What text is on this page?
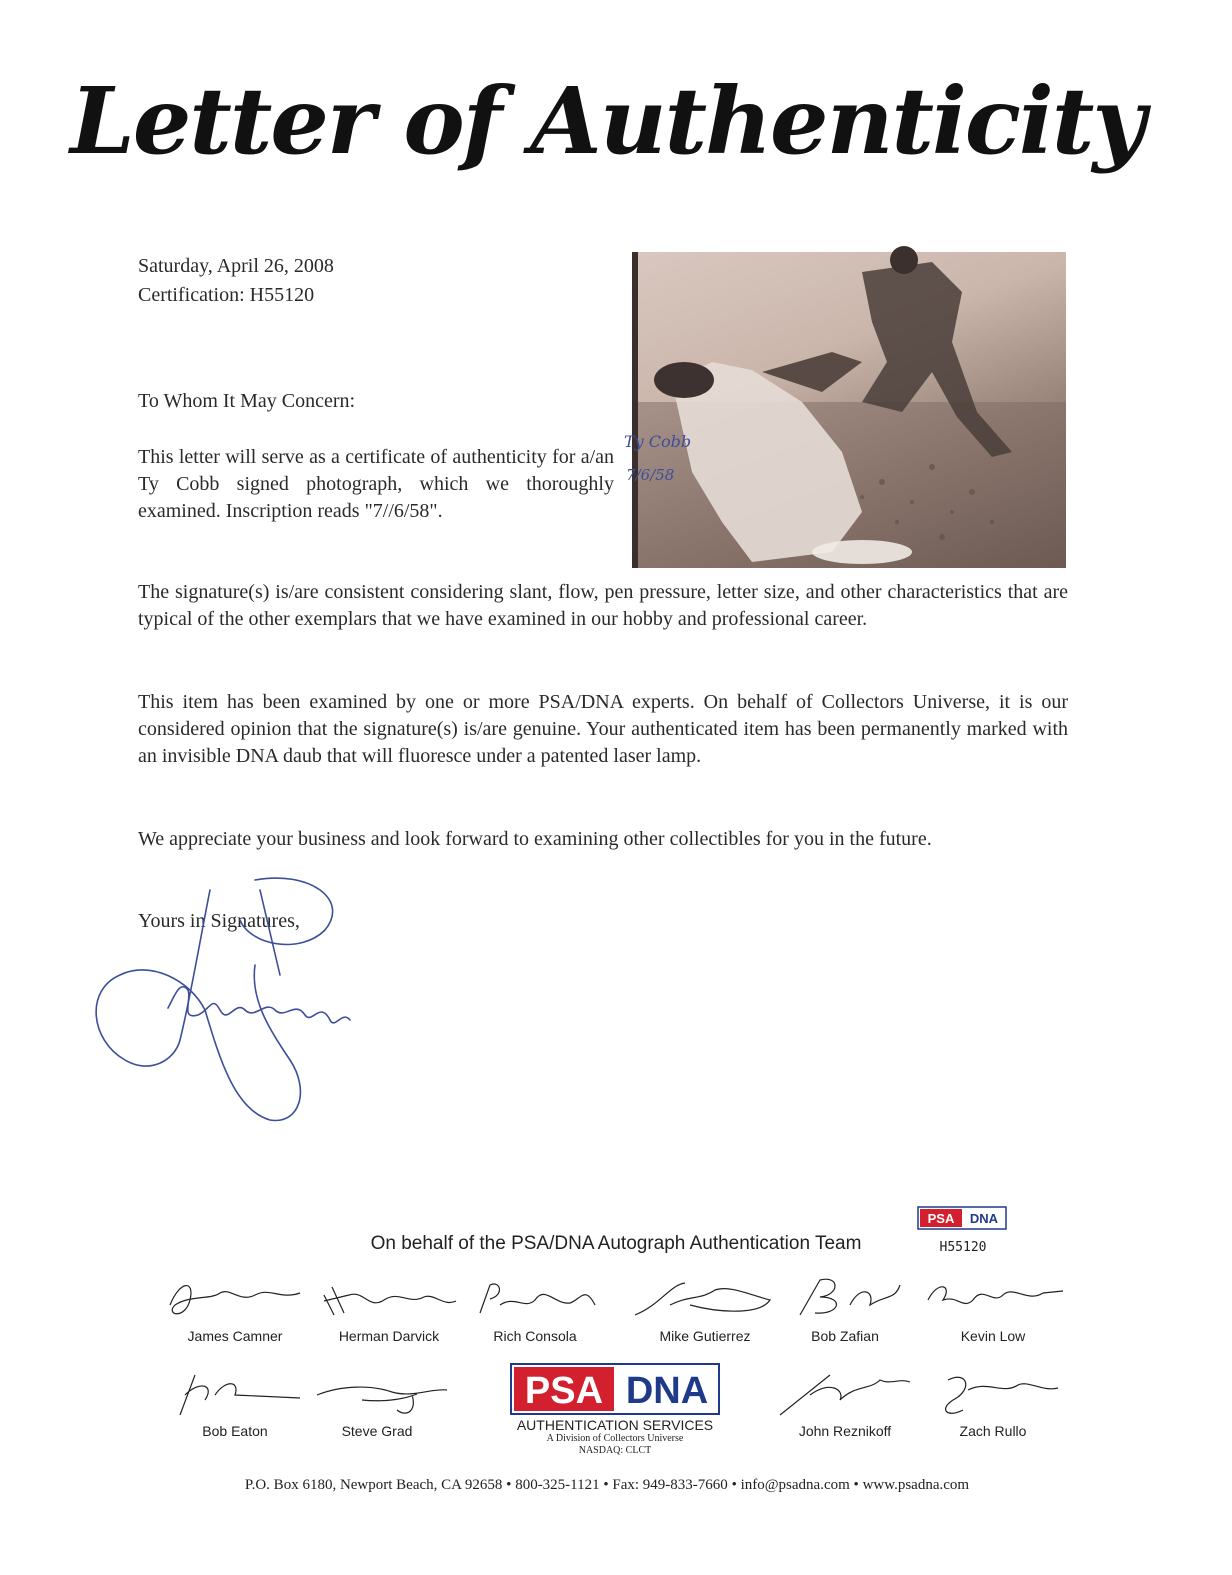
Letter of Authenticity
Saturday, April 26, 2008
Certification: H55120
Ty Cobb
7/6/58
To Whom It May Concern:
This letter will serve as a certificate of authenticity for a/an Ty Cobb signed photograph, which we thoroughly examined. Inscription reads "7//6/58".
The signature(s) is/are consistent considering slant, flow, pen pressure, letter size, and other characteristics that are typical of the other exemplars that we have examined in our hobby and professional career.
This item has been examined by one or more PSA/DNA experts. On behalf of Collectors Universe, it is our considered opinion that the signature(s) is/are genuine. Your authenticated item has been permanently marked with an invisible DNA daub that will fluoresce under a patented laser lamp.
We appreciate your business and look forward to examining other collectibles for you in the future.
Yours in Signatures,
PSA DNA
H55120
On behalf of the PSA/DNA Autograph Authentication Team
James Camner	Herman Darvick	Rich Consola	Mike Gutierrez	Bob Zafian	Kevin Low
Bob Eaton	Steve Grad
PSA DNA
AUTHENTICATION SERVICES
A Division of Collectors Universe
NASDAQ: CLCT
John Reznikoff	Zach Rullo
P.O. Box 6180, Newport Beach, CA 92658 • 800-325-1121 • Fax: 949-833-7660 • info@psadna.com • www.psadna.com
